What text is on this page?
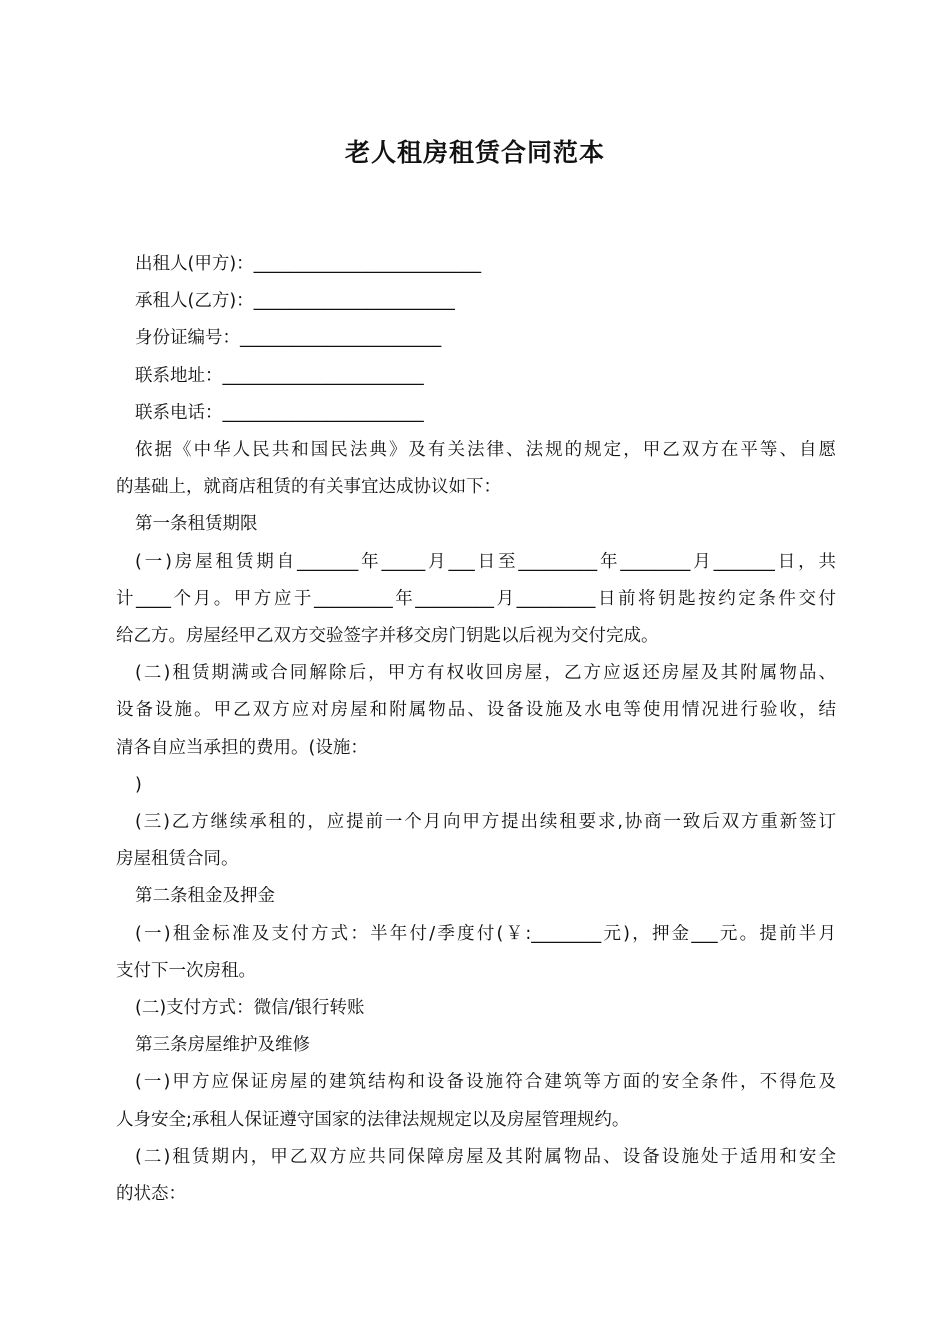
老人租房租赁合同范本
出租人(甲方)：__________________________
承租人(乙方)：_______________________
身份证编号：_______________________
联系地址：_______________________
联系电话：_______________________
依据《中华人民共和国民法典》及有关法律、法规的规定，甲乙双方在平等、自愿
的基础上，就商店租赁的有关事宜达成协议如下：
第一条租赁期限
(一)房屋租赁期自_______年_____月___日至_________年________月_______日，共
计____个月。甲方应于_________年_________月_________日前将钥匙按约定条件交付
给乙方。房屋经甲乙双方交验签字并移交房门钥匙以后视为交付完成。
(二)租赁期满或合同解除后，甲方有权收回房屋，乙方应返还房屋及其附属物品、
设备设施。甲乙双方应对房屋和附属物品、设备设施及水电等使用情况进行验收，结
清各自应当承担的费用。(设施：
)
(三)乙方继续承租的，应提前一个月向甲方提出续租要求,协商一致后双方重新签订
房屋租赁合同。
第二条租金及押金
(一)租金标准及支付方式：半年付/季度付(￥:________元)，押金___元。提前半月
支付下一次房租。
(二)支付方式：微信/银行转账
第三条房屋维护及维修
(一)甲方应保证房屋的建筑结构和设备设施符合建筑等方面的安全条件，不得危及
人身安全;承租人保证遵守国家的法律法规规定以及房屋管理规约。
(二)租赁期内，甲乙双方应共同保障房屋及其附属物品、设备设施处于适用和安全
的状态：
